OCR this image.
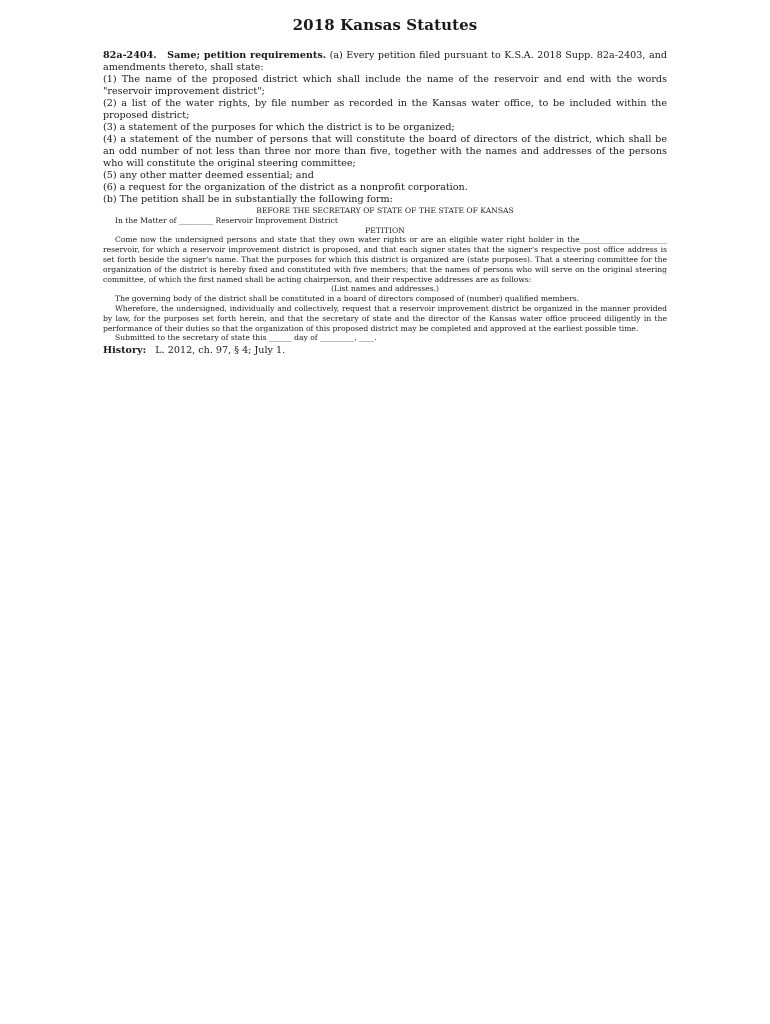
2018 Kansas Statutes

82a-2404. Same; petition requirements. (a) Every petition filed pursuant to K.S.A. 2018 Supp. 82a-2403, and amendments thereto, shall state:

(1) The name of the proposed district which shall include the name of the reservoir and end with the words "reservoir improvement district";

(2) a list of the water rights, by file number as recorded in the Kansas water office, to be included within the proposed district;

(3) a statement of the purposes for which the district is to be organized;

(4) a statement of the number of persons that will constitute the board of directors of the district, which shall be an odd number of not less than three nor more than five, together with the names and addresses of the persons who will constitute the original steering committee;

(5) any other matter deemed essential; and

(6) a request for the organization of the district as a nonprofit corporation.

(b) The petition shall be in substantially the following form:

BEFORE THE SECRETARY OF STATE OF THE STATE OF KANSAS

In the Matter of _________ Reservoir Improvement District

PETITION

Come now the undersigned persons and state that they own water rights or are an eligible water right holder in the_______________________ reservoir, for which a reservoir improvement district is proposed, and that each signer states that the signer's respective post office address is set forth beside the signer's name. That the purposes for which this district is organized are (state purposes). That a steering committee for the organization of the district is hereby fixed and constituted with five members; that the names of persons who will serve on the original steering committee, of which the first named shall be acting chairperson, and their respective addresses are as follows:

(List names and addresses.)

The governing body of the district shall be constituted in a board of directors composed of (number) qualified members.

Wherefore, the undersigned, individually and collectively, request that a reservoir improvement district be organized in the manner provided by law, for the purposes set forth herein, and that the secretary of state and the director of the Kansas water office proceed diligently in the performance of their duties so that the organization of this proposed district may be completed and approved at the earliest possible time.

Submitted to the secretary of state this ______ day of _________, ____.

History: L. 2012, ch. 97, § 4; July 1.
